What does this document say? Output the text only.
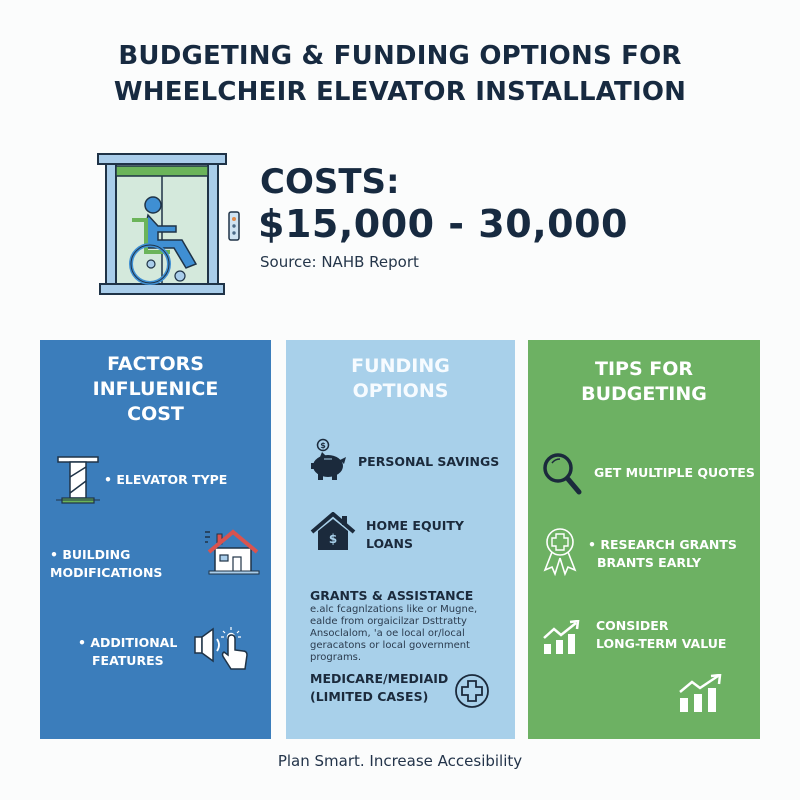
BUDGETING & FUNDING OPTIONS FOR
WHEELCHEIR ELEVATOR INSTALLATION
COSTS:
$15,000 - 30,000
Source: NAHB Report
FACTORS
INFLUENICE
COST
• ELEVATOR TYPE
• BUILDING
MODIFICATIONS
• ADDITIONAL
FEATURES
FUNDING
OPTIONS
$
PERSONAL SAVINGS
$
HOME EQUITY
LOANS
GRANTS & ASSISTANCE
e.alc fcagnlzations like or Mugne,
ealde from orgaicilzar Dsttratty
Ansoclalom, 'a oe local or/local
geracatons or local government
programs.
MEDICARE/MEDIAID
(LIMITED CASES)
TIPS FOR
BUDGETING
GET MULTIPLE QUOTES
• RESEARCH GRANTS
BRANTS EARLY
CONSIDER
LONG-TERM VALUE
Plan Smart. Increase Accesibility
